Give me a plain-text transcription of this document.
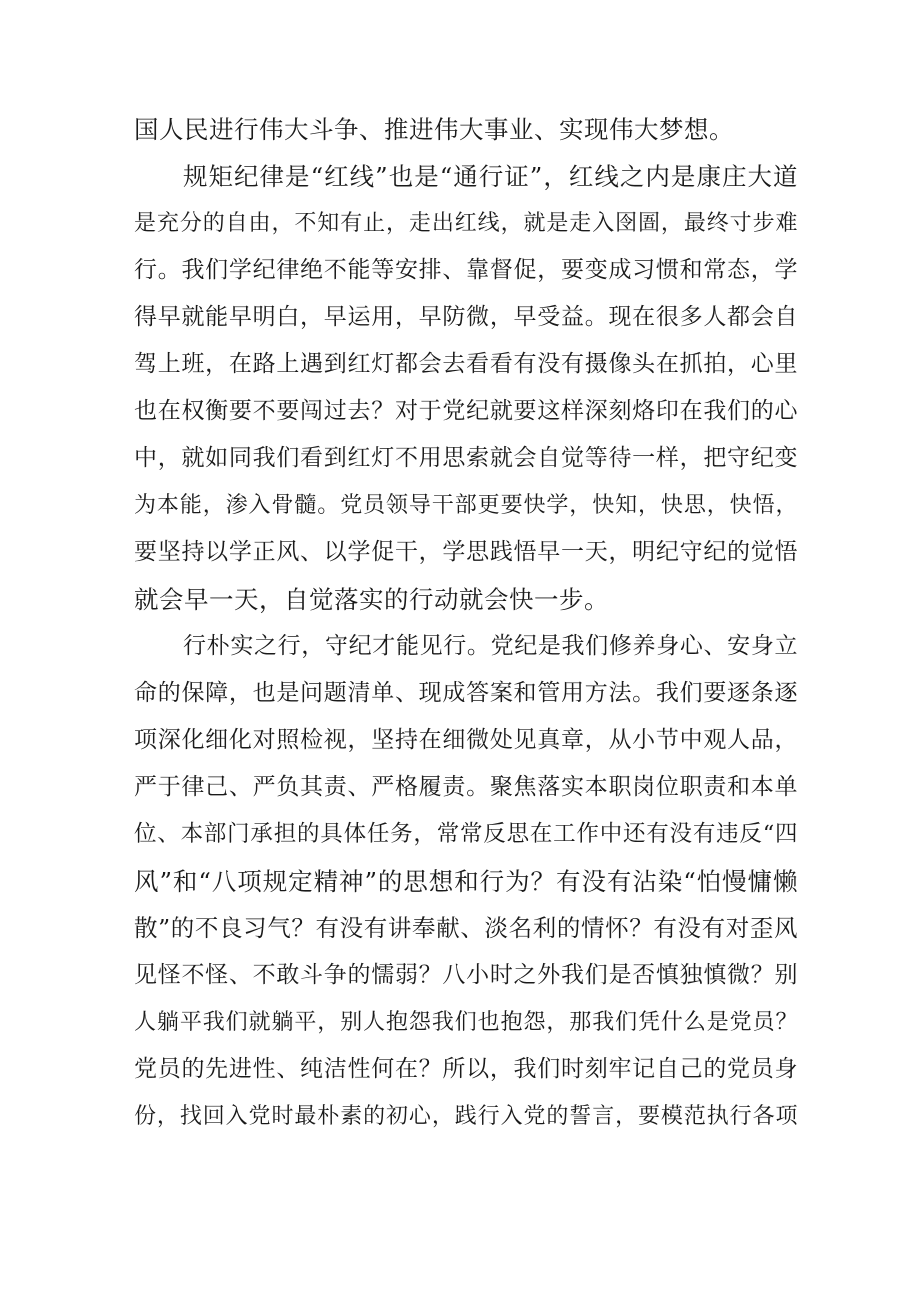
国人民进行伟大斗争、推进伟大事业、实现伟大梦想。
规矩纪律是“红线”也是“通行证”，红线之内是康庄大道
是充分的自由，不知有止，走出红线，就是走入囹圄，最终寸步难
行。我们学纪律绝不能等安排、靠督促，要变成习惯和常态，学
得早就能早明白，早运用，早防微，早受益。现在很多人都会自
驾上班，在路上遇到红灯都会去看看有没有摄像头在抓拍，心里
也在权衡要不要闯过去？对于党纪就要这样深刻烙印在我们的心
中，就如同我们看到红灯不用思索就会自觉等待一样，把守纪变
为本能，渗入骨髓。党员领导干部更要快学，快知，快思，快悟，
要坚持以学正风、以学促干，学思践悟早一天，明纪守纪的觉悟
就会早一天，自觉落实的行动就会快一步。
行朴实之行，守纪才能见行。党纪是我们修养身心、安身立
命的保障，也是问题清单、现成答案和管用方法。我们要逐条逐
项深化细化对照检视，坚持在细微处见真章，从小节中观人品，
严于律己、严负其责、严格履责。聚焦落实本职岗位职责和本单
位、本部门承担的具体任务，常常反思在工作中还有没有违反“四
风”和“八项规定精神”的思想和行为？有没有沾染“怕慢慵懒
散”的不良习气？有没有讲奉献、淡名利的情怀？有没有对歪风
见怪不怪、不敢斗争的懦弱？八小时之外我们是否慎独慎微？别
人躺平我们就躺平，别人抱怨我们也抱怨，那我们凭什么是党员？
党员的先进性、纯洁性何在？所以，我们时刻牢记自己的党员身
份，找回入党时最朴素的初心，践行入党的誓言，要模范执行各项
